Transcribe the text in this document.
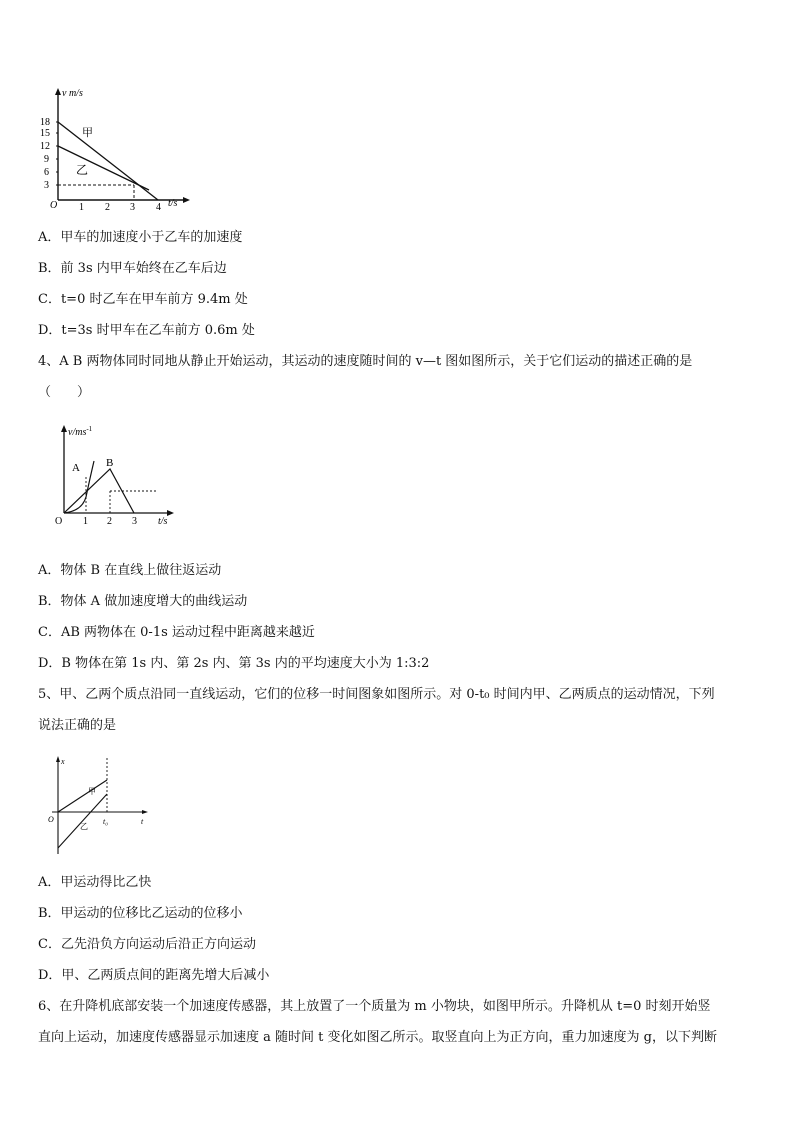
v m/s
t/s
O
18
15
12
9
6
3
1 2 3 4
甲
乙
A．甲车的加速度小于乙车的加速度
B．前 3s 内甲车始终在乙车后边
C．t=0 时乙车在甲车前方 9.4m 处
D．t=3s 时甲车在乙车前方 0.6m 处
4、A B 两物体同时同地从静止开始运动，其运动的速度随时间的 v—t 图如图所示，关于它们运动的描述正确的是
（　　）
$v/ms^{-1}$
O 1 2 3 t/s
A B
A．物体 B 在直线上做往返运动
B．物体 A 做加速度增大的曲线运动
C．AB 两物体在 0-1s 运动过程中距离越来越近
D．B 物体在第 1s 内、第 2s 内、第 3s 内的平均速度大小为 1:3:2
5、甲、乙两个质点沿同一直线运动，它们的位移一时间图象如图所示。对 0-t₀ 时间内甲、乙两质点的运动情况，下列
说法正确的是
x
t
O	t₀
甲
乙
A．甲运动得比乙快
B．甲运动的位移比乙运动的位移小
C．乙先沿负方向运动后沿正方向运动
D．甲、乙两质点间的距离先增大后减小
6、在升降机底部安装一个加速度传感器，其上放置了一个质量为 m 小物块，如图甲所示。升降机从 t=0 时刻开始竖
直向上运动，加速度传感器显示加速度 a 随时间 t 变化如图乙所示。取竖直向上为正方向，重力加速度为 g，以下判断
